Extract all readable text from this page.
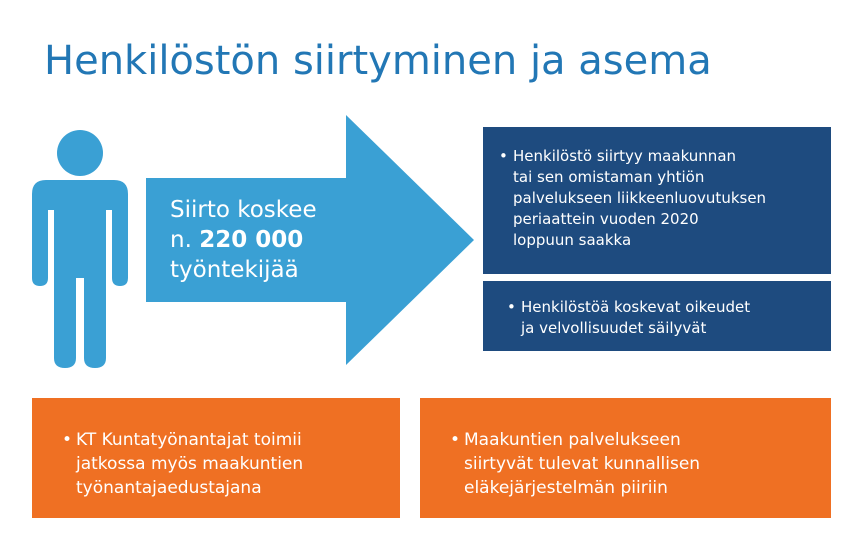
Henkilöstön siirtyminen ja asema
Siirto koskee
n. 220 000
työntekijää
• Henkilöstö siirtyy maakunnan
tai sen omistaman yhtiön
palvelukseen liikkeenluovutuksen
periaattein vuoden 2020
loppuun saakka
• Henkilöstöä koskevat oikeudet
ja velvollisuudet säilyvät
• KT Kuntatyönantajat toimii
jatkossa myös maakuntien
työnantajaedustajana
• Maakuntien palvelukseen
siirtyvät tulevat kunnallisen
eläkejärjestelmän piiriin
